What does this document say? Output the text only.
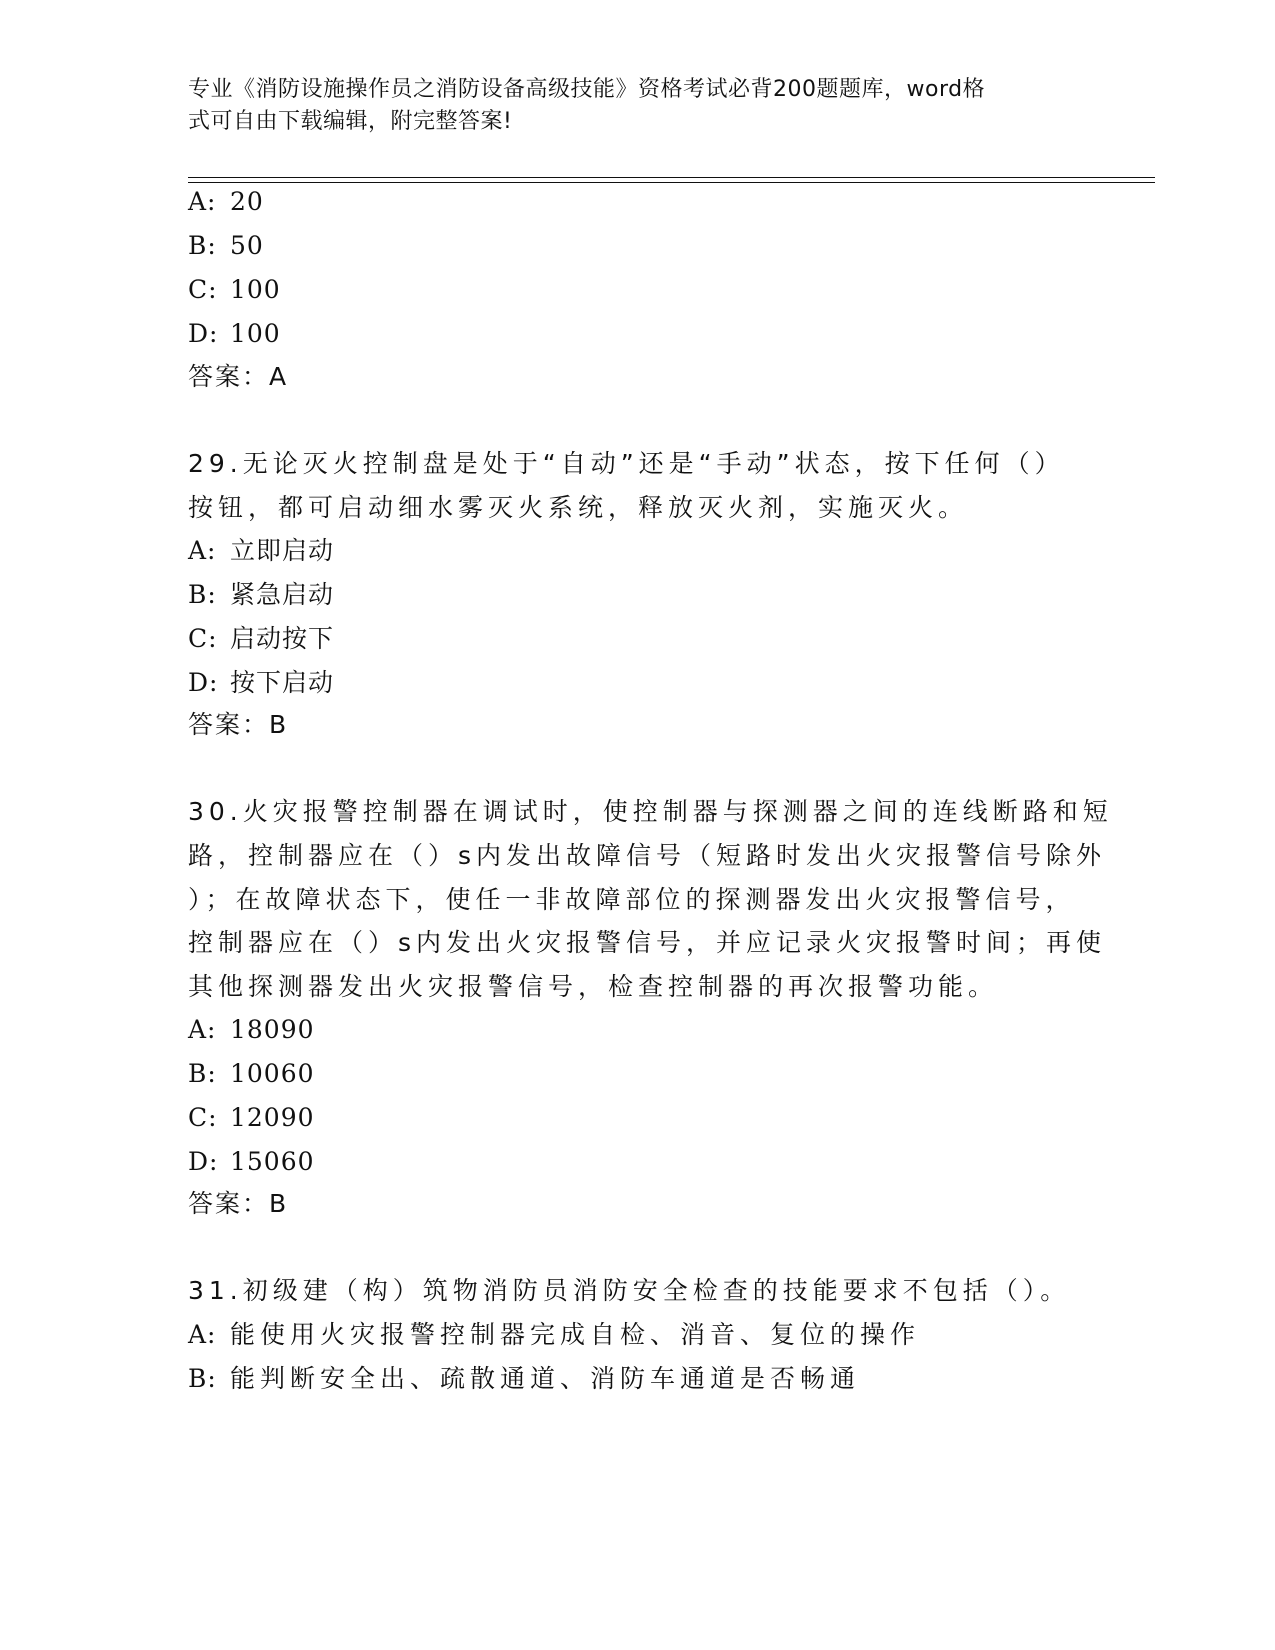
专业《消防设施操作员之消防设备高级技能》资格考试必背200题题库，word格
式可自由下载编辑，附完整答案!
A: 20
B: 50
C: 100
D: 100
答案：A
29.无论灭火控制盘是处于“自动”还是“手动”状态，按下任何（）
按钮，都可启动细水雾灭火系统，释放灭火剂，实施灭火。
A: 立即启动
B: 紧急启动
C: 启动按下
D: 按下启动
答案：B
30.火灾报警控制器在调试时，使控制器与探测器之间的连线断路和短
路，控制器应在（）s内发出故障信号（短路时发出火灾报警信号除外
）；在故障状态下，使任一非故障部位的探测器发出火灾报警信号，
控制器应在（）s内发出火灾报警信号，并应记录火灾报警时间；再使
其他探测器发出火灾报警信号，检查控制器的再次报警功能。
A: 18090
B: 10060
C: 12090
D: 15060
答案：B
31.初级建（构）筑物消防员消防安全检查的技能要求不包括（）。
A: 能使用火灾报警控制器完成自检、消音、复位的操作
B: 能判断安全出、疏散通道、消防车通道是否畅通
